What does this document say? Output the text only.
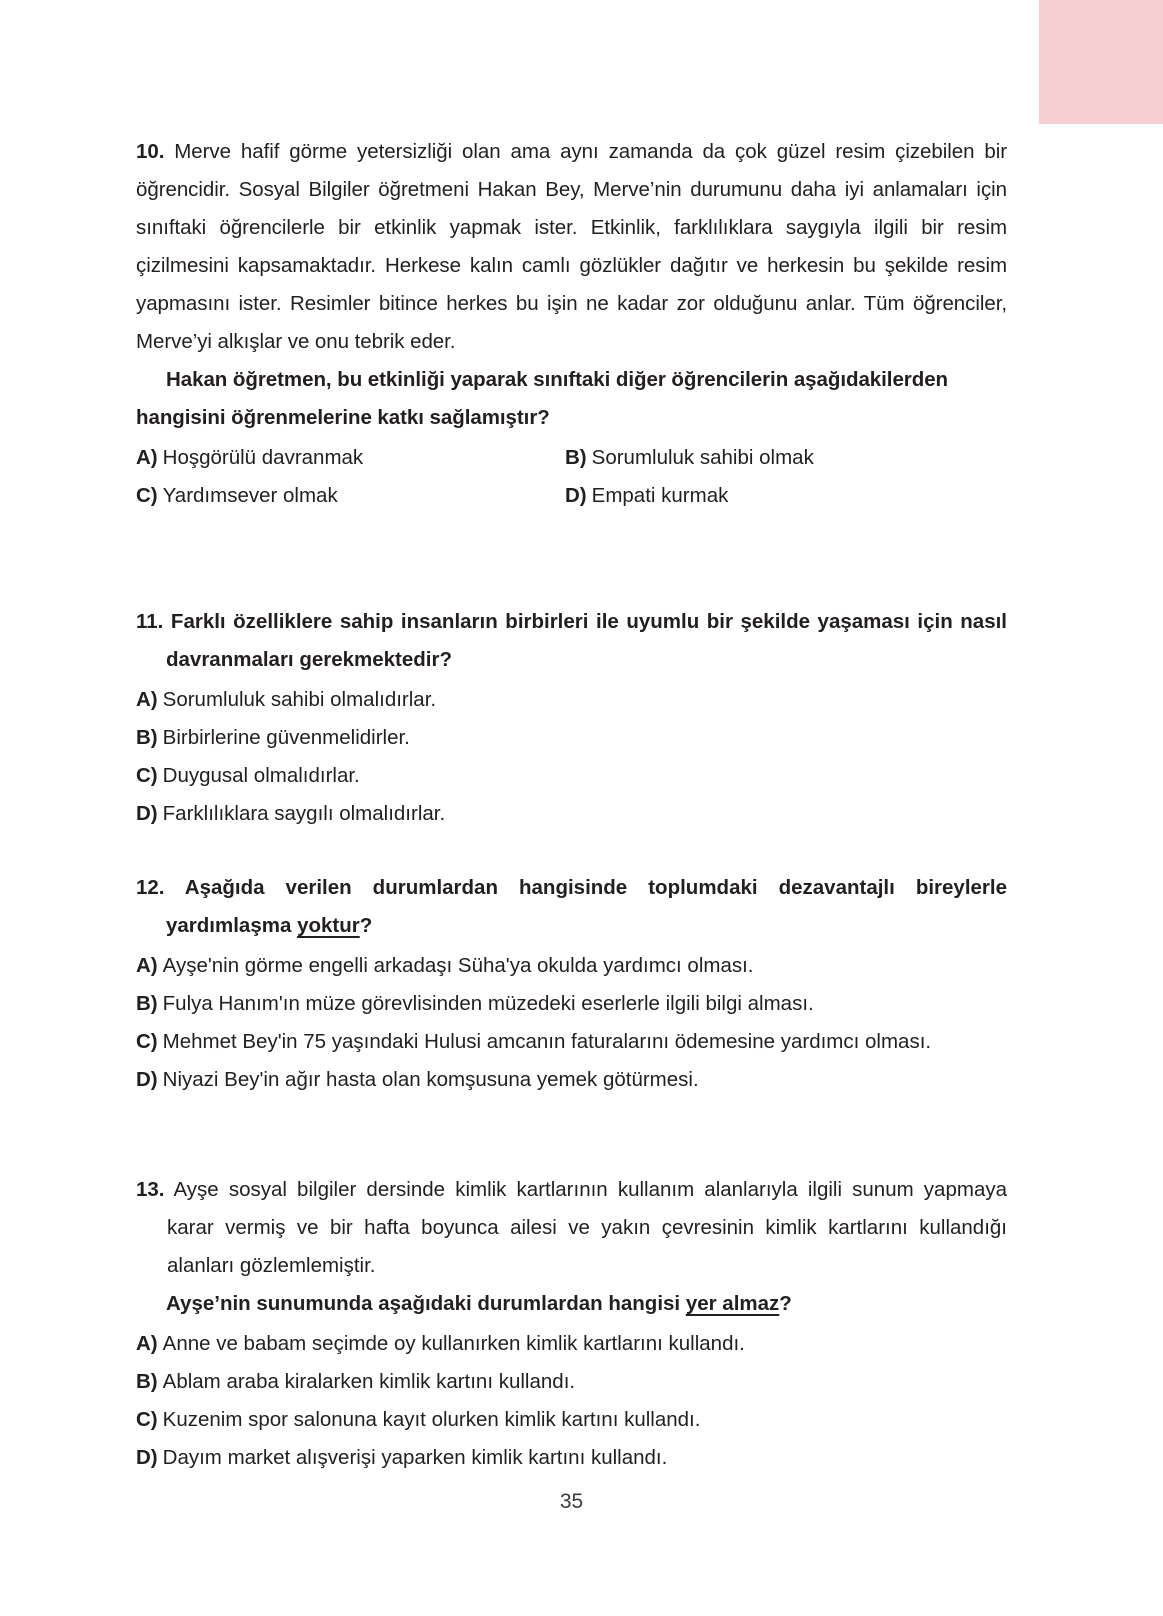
10. Merve hafif görme yetersizliği olan ama aynı zamanda da çok güzel resim çizebilen bir öğrencidir. Sosyal Bilgiler öğretmeni Hakan Bey, Merve’nin durumunu daha iyi anlamaları için sınıftaki öğrencilerle bir etkinlik yapmak ister. Etkinlik, farklılıklara saygıyla ilgili bir resim çizilmesini kapsamaktadır. Herkese kalın camlı gözlükler dağıtır ve herkesin bu şekilde resim yapmasını ister. Resimler bitince herkes bu işin ne kadar zor olduğunu anlar. Tüm öğrenciler, Merve’yi alkışlar ve onu tebrik eder.
Hakan öğretmen, bu etkinliği yaparak sınıftaki diğer öğrencilerin aşağıdakilerden hangisini öğrenmelerine katkı sağlamıştır?
A) Hoşgörülü davranmak	B) Sorumluluk sahibi olmak
C) Yardımsever olmak	D) Empati kurmak
11. Farklı özelliklere sahip insanların birbirleri ile uyumlu bir şekilde yaşaması için nasıl davranmaları gerekmektedir?
A) Sorumluluk sahibi olmalıdırlar.
B) Birbirlerine güvenmelidirler.
C) Duygusal olmalıdırlar.
D) Farklılıklara saygılı olmalıdırlar.
12. Aşağıda verilen durumlardan hangisinde toplumdaki dezavantajlı bireylerle yardımlaşma yoktur?
A) Ayşe'nin görme engelli arkadaşı Süha'ya okulda yardımcı olması.
B) Fulya Hanım'ın müze görevlisinden müzedeki eserlerle ilgili bilgi alması.
C) Mehmet Bey'in 75 yaşındaki Hulusi amcanın faturalarını ödemesine yardımcı olması.
D) Niyazi Bey'in ağır hasta olan komşusuna yemek götürmesi.
13. Ayşe sosyal bilgiler dersinde kimlik kartlarının kullanım alanlarıyla ilgili sunum yapmaya karar vermiş ve bir hafta boyunca ailesi ve yakın çevresinin kimlik kartlarını kullandığı alanları gözlemlemiştir.
Ayşe’nin sunumunda aşağıdaki durumlardan hangisi yer almaz?
A) Anne ve babam seçimde oy kullanırken kimlik kartlarını kullandı.
B) Ablam araba kiralarken kimlik kartını kullandı.
C) Kuzenim spor salonuna kayıt olurken kimlik kartını kullandı.
D) Dayım market alışverişi yaparken kimlik kartını kullandı.
35
